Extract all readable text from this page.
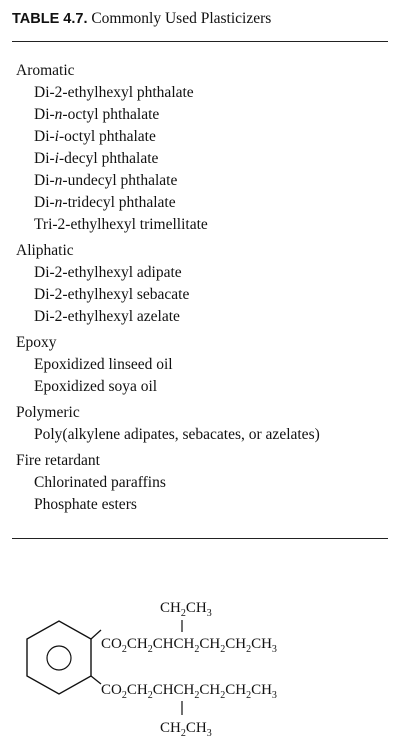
TABLE 4.7. Commonly Used Plasticizers
Aromatic
Di-2-ethylhexyl phthalate
Di-n-octyl phthalate
Di-i-octyl phthalate
Di-i-decyl phthalate
Di-n-undecyl phthalate
Di-n-tridecyl phthalate
Tri-2-ethylhexyl trimellitate
Aliphatic
Di-2-ethylhexyl adipate
Di-2-ethylhexyl sebacate
Di-2-ethylhexyl azelate
Epoxy
Epoxidized linseed oil
Epoxidized soya oil
Polymeric
Poly(alkylene adipates, sebacates, or azelates)
Fire retardant
Chlorinated paraffins
Phosphate esters
$CH_2CH_3$
$CO_2CH_2CHCH_2CH_2CH_2CH_3$
$CO_2CH_2CHCH_2CH_2CH_2CH_3$
$CH_2CH_3$
